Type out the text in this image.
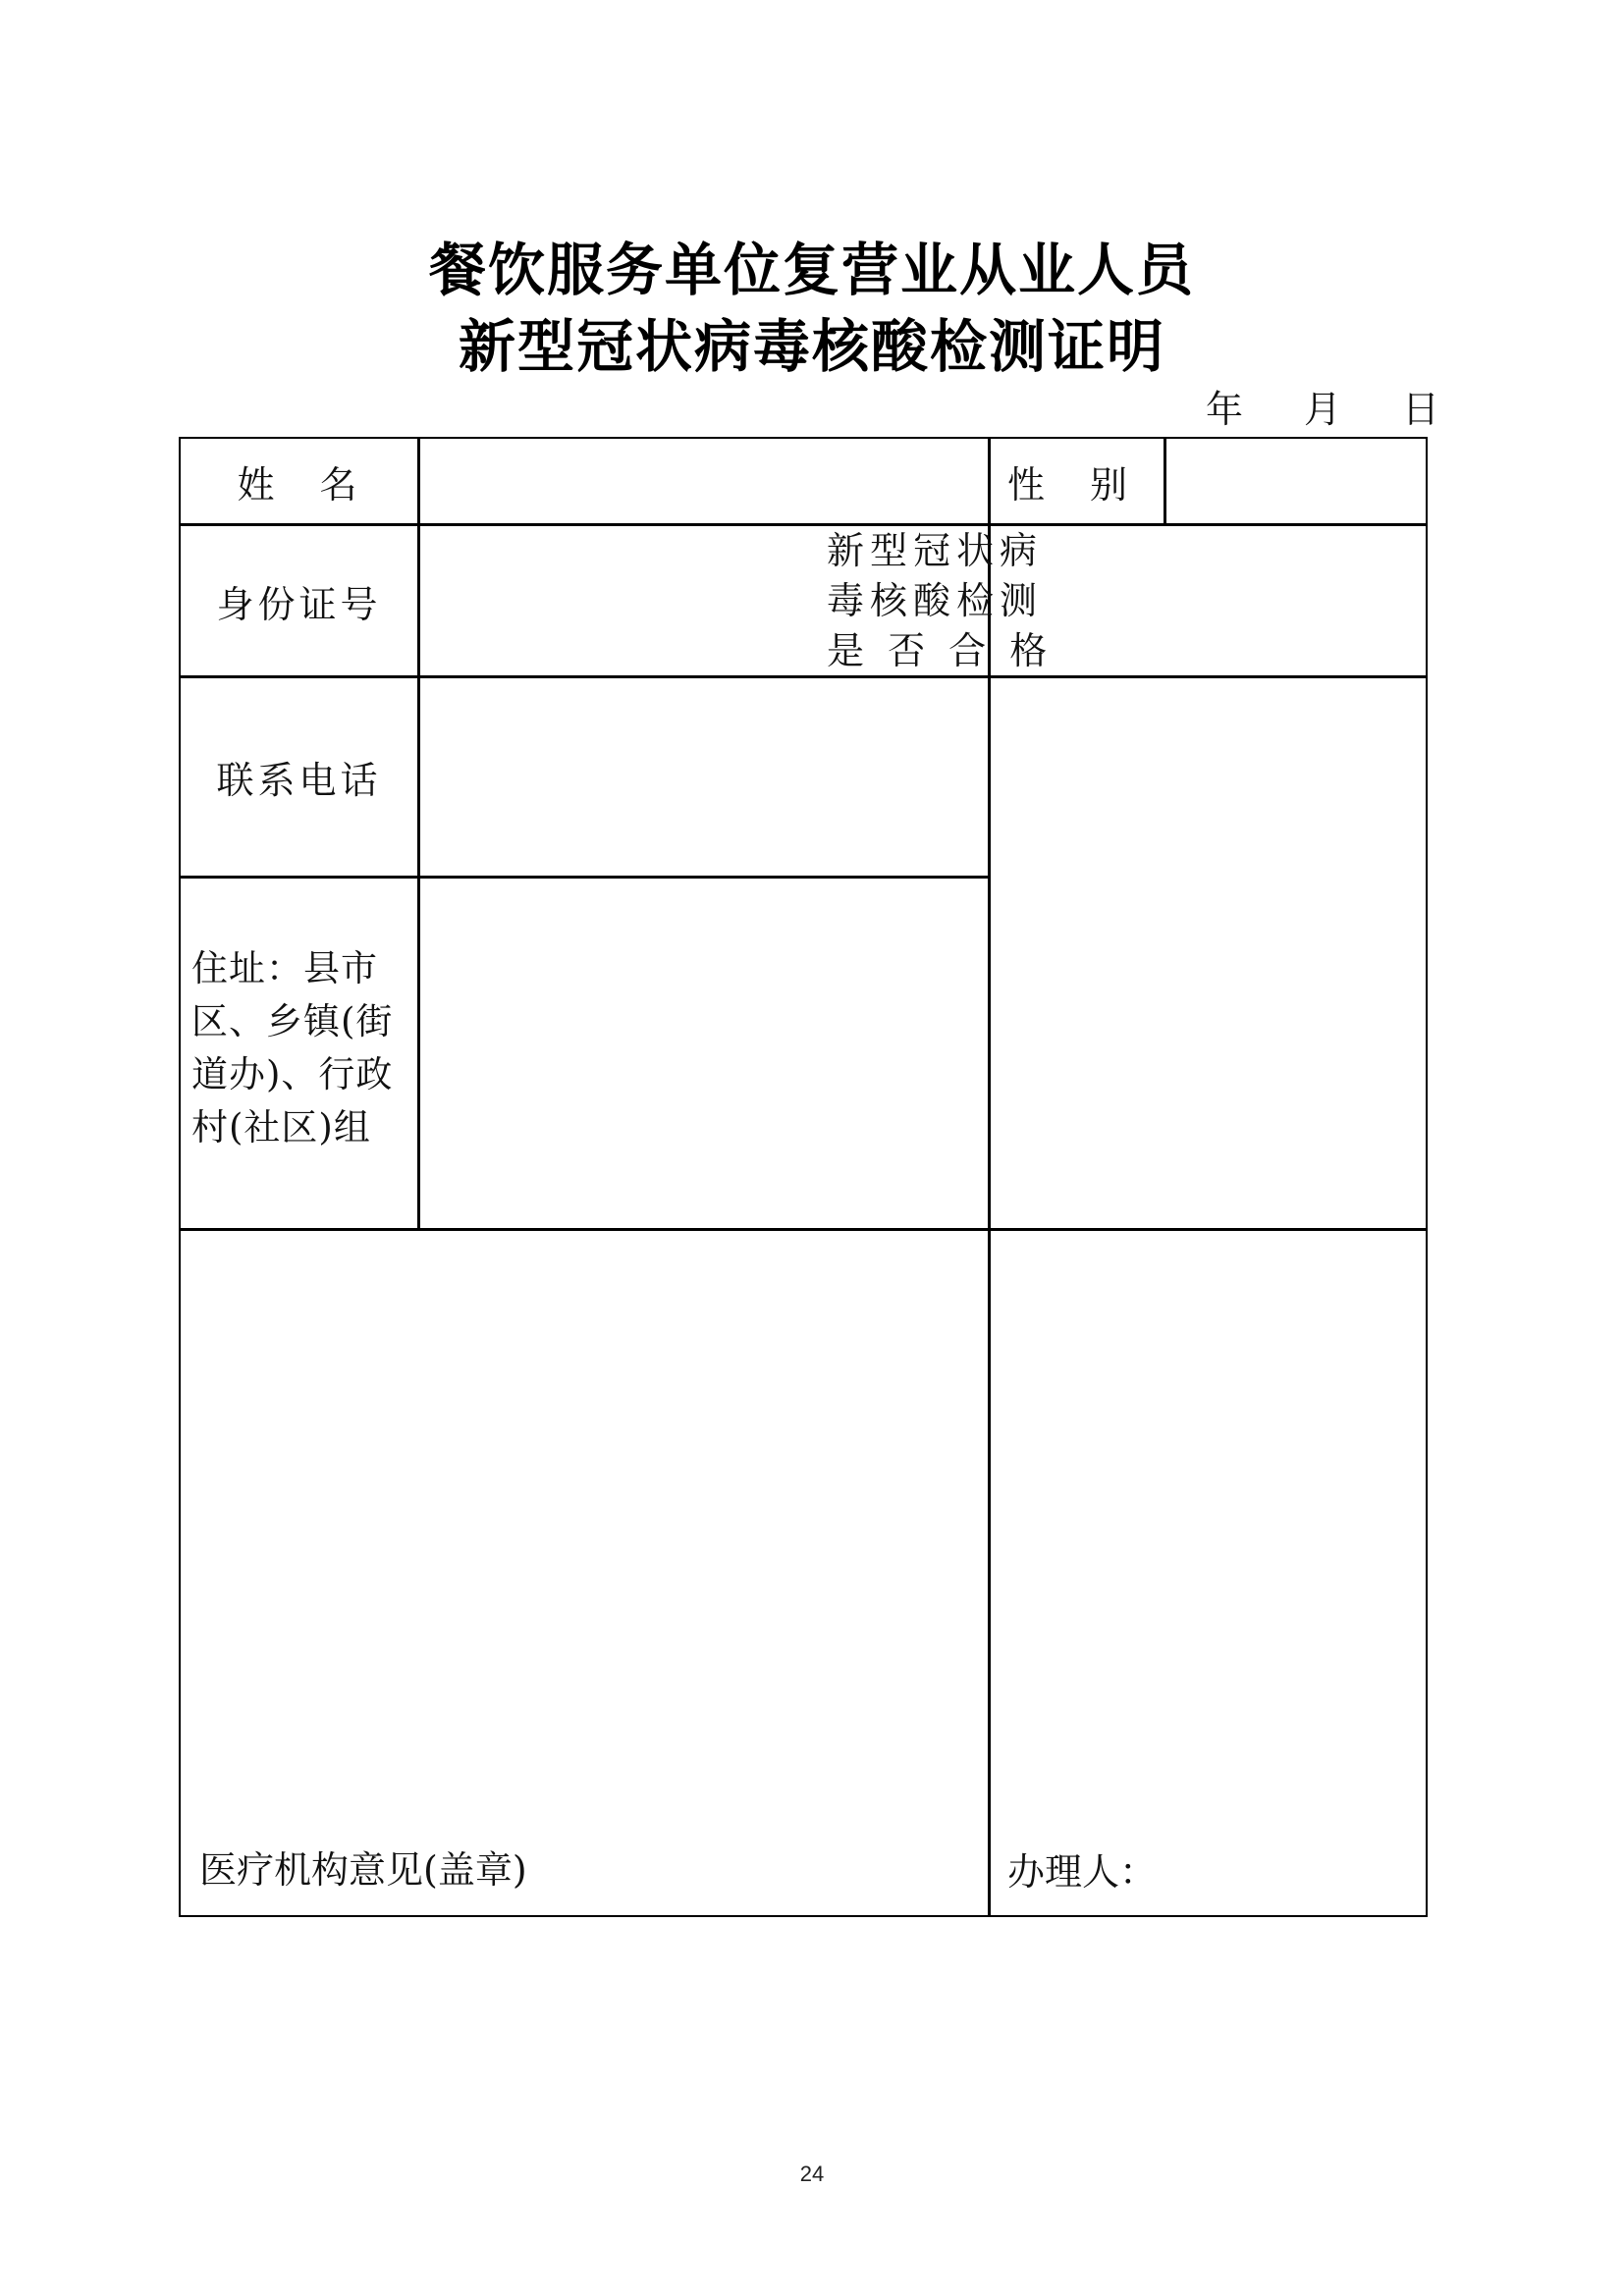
餐饮服务单位复营业从业人员
新型冠状病毒核酸检测证明
年 月 日
姓　名	性　别
身份证号
新型冠状病
毒核酸检测
是 否 合 格
联系电话
住址：县市
区、乡镇(街
道办)、行政
村(社区)组
医疗机构意见(盖章)	办理人：
24
